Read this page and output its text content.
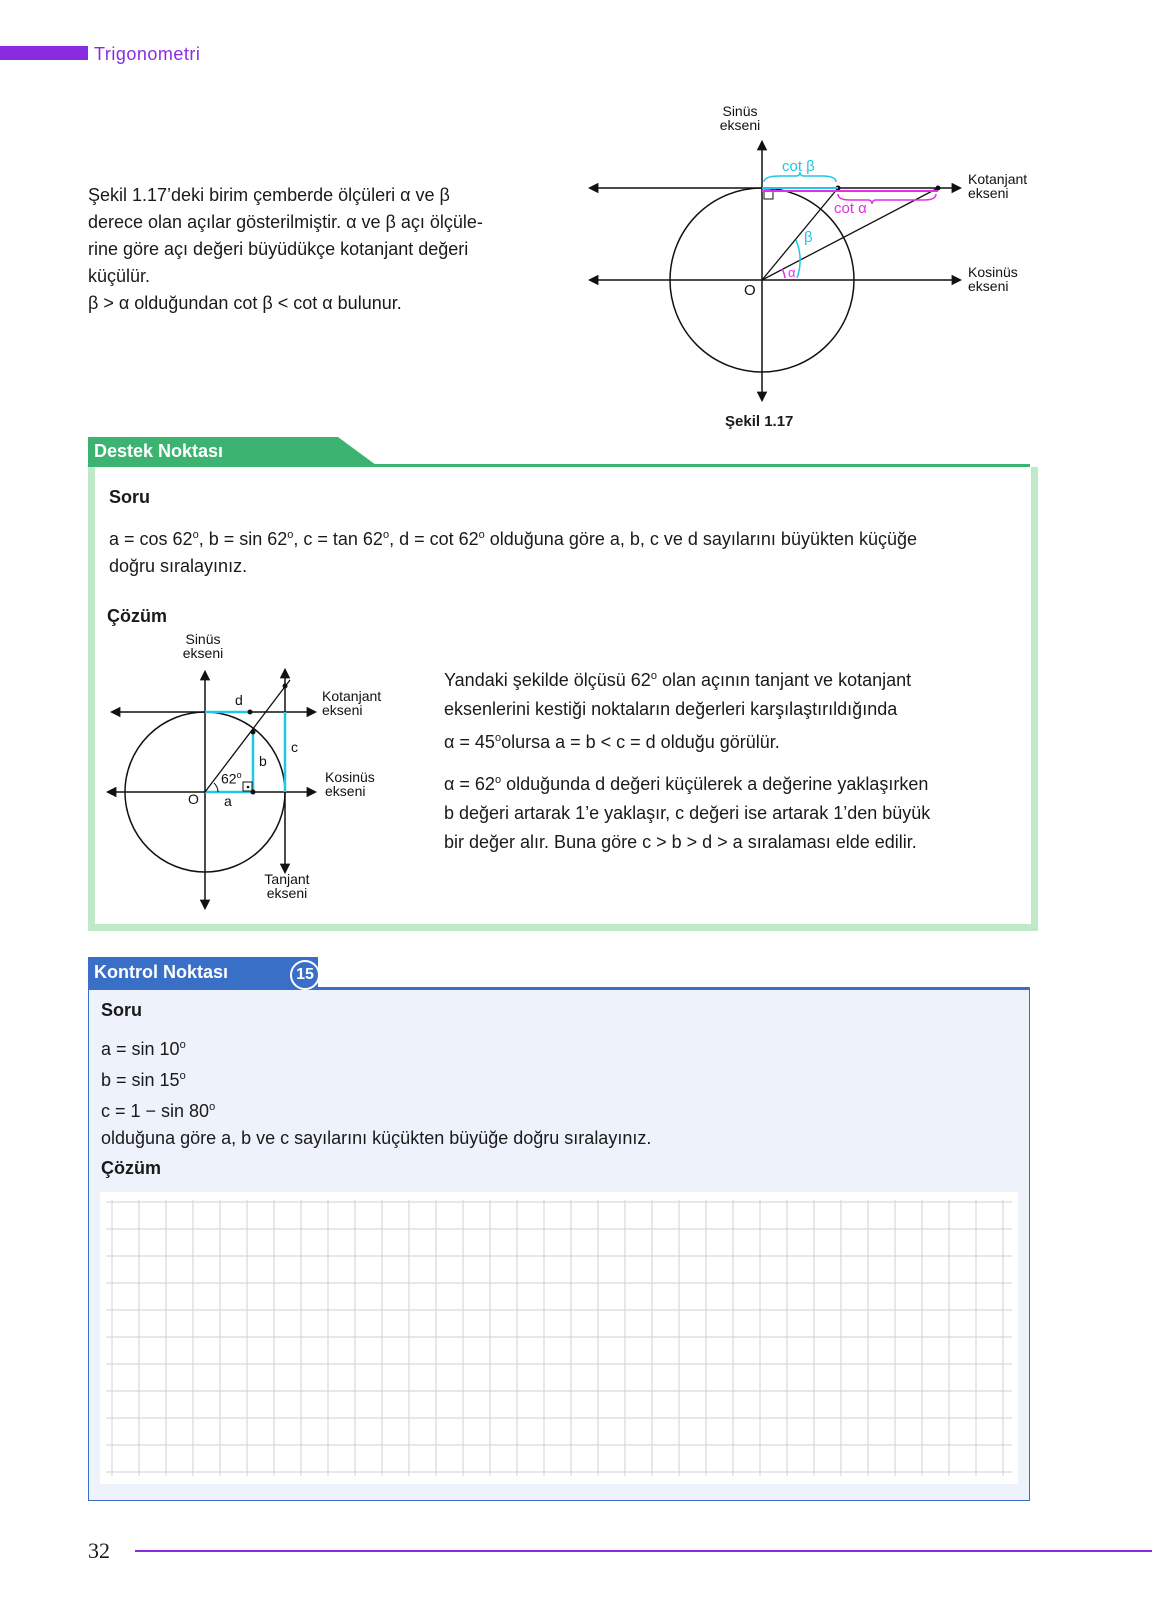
Trigonometri

Şekil 1.17’deki birim çemberde ölçüleri α ve β

derece olan açılar gösterilmiştir. α ve β açı ölçüle-

rine göre açı değeri büyüdükçe kotanjant değeri

küçülür.

β > α olduğundan cot β < cot α bulunur.

Sinüs
ekseni
Kotanjant
ekseni
Kosinüs
ekseni
O
cot β
cot α
β
α
Şekil 1.17
Destek Noktası
Soru
a = cos 62$^o$, b = sin 62$^o$, c = tan 62$^o$, d = cot 62$^o$ olduğuna göre a, b, c ve d sayılarını büyükten küçüğe
doğru sıralayınız.
Çözüm
Sinüs
ekseni
Kotanjant
ekseni
Kosinüs
ekseni
Tanjant
ekseni
O
62$^o$
a
b
c
d
Yandaki şekilde ölçüsü 62$^o$ olan açının tanjant ve kotanjant
eksenlerini kestiği noktaların değerleri karşılaştırıldığında
$\alpha = 45^oolursa$ a = b < c = d olduğu görülür.
$\alpha = 62^o$ olduğunda d değeri küçülerek a değerine yaklaşırken
b değeri artarak 1’e yaklaşır, c değeri ise artarak 1’den büyük
bir değer alır. Buna göre c > b > d > a sıralaması elde edilir.
Kontrol Noktası	15
Soru
a = sin 10$^o$
b = sin 15$^o$
c = 1 − sin 80$^o$
olduğuna göre a, b ve c sayılarını küçükten büyüğe doğru sıralayınız.
Çözüm
32
